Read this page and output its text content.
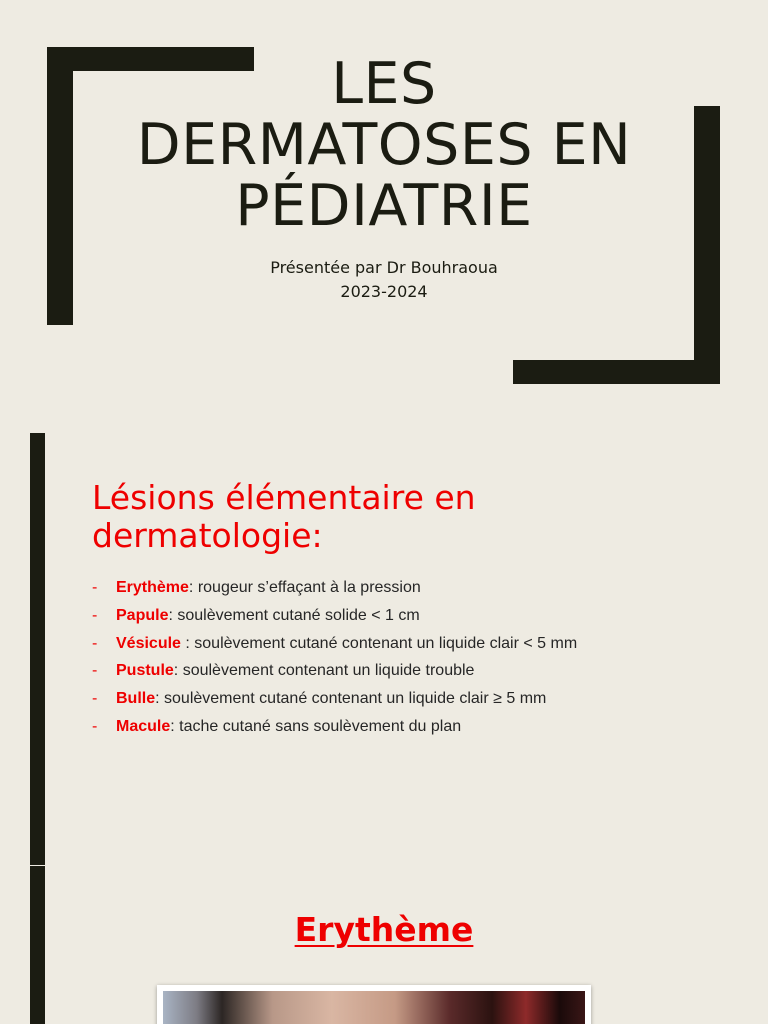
LES
DERMATOSES EN
PÉDIATRIE
Présentée par Dr Bouhraoua
2023-2024
Lésions élémentaire en
dermatologie:
- Erythème: rougeur s’effaçant à la pression
- Papule: soulèvement cutané solide < 1 cm
- Vésicule : soulèvement cutané contenant un liquide clair < 5 mm
- Pustule: soulèvement contenant un liquide trouble
- Bulle: soulèvement cutané contenant un liquide clair ≥ 5 mm
- Macule: tache cutané sans soulèvement du plan
Erythème
